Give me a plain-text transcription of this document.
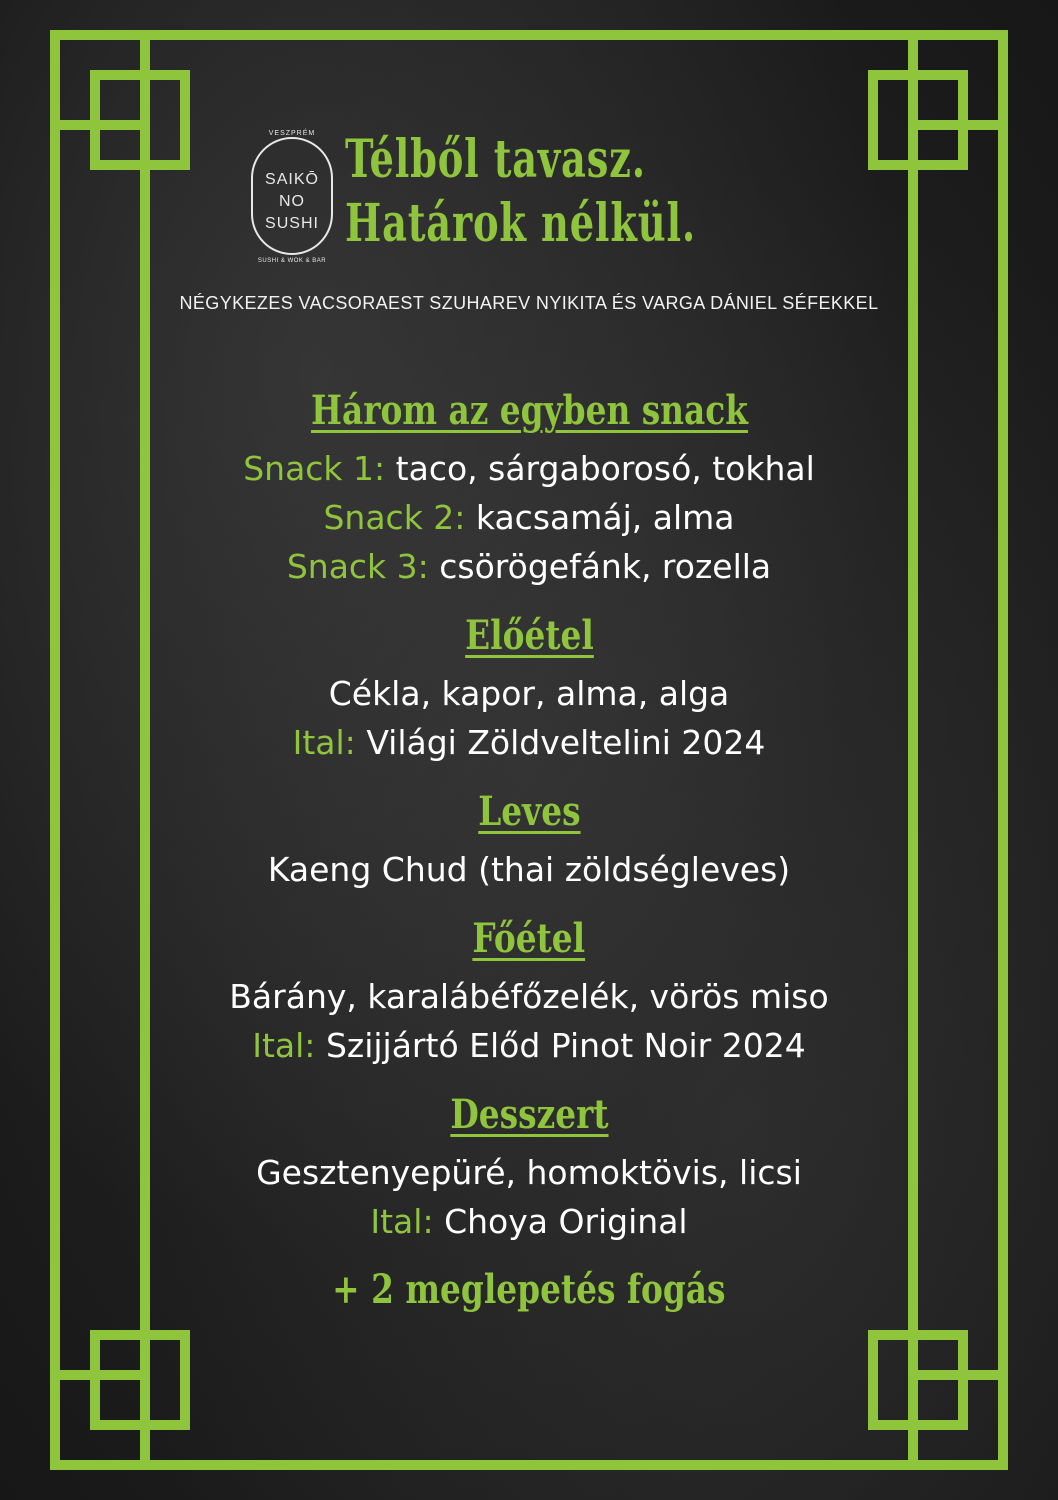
VESZPRÉM
SAIKŌ
NO
SUSHI
SUSHI & WOK & BAR
Télből tavasz.
Határok nélkül.
NÉGYKEZES VACSORAEST SZUHAREV NYIKITA ÉS VARGA DÁNIEL SÉFEKKEL
Három az egyben snack
Snack 1: taco, sárgaborosó, tokhal
Snack 2: kacsamáj, alma
Snack 3: csörögefánk, rozella
Előétel
Cékla, kapor, alma, alga
Ital: Világi Zöldveltelini 2024
Leves
Kaeng Chud (thai zöldségleves)
Főétel
Bárány, karalábéfőzelék, vörös miso
Ital: Szijjártó Előd Pinot Noir 2024
Desszert
Gesztenyepüré, homoktövis, licsi
Ital: Choya Original
+ 2 meglepetés fogás
